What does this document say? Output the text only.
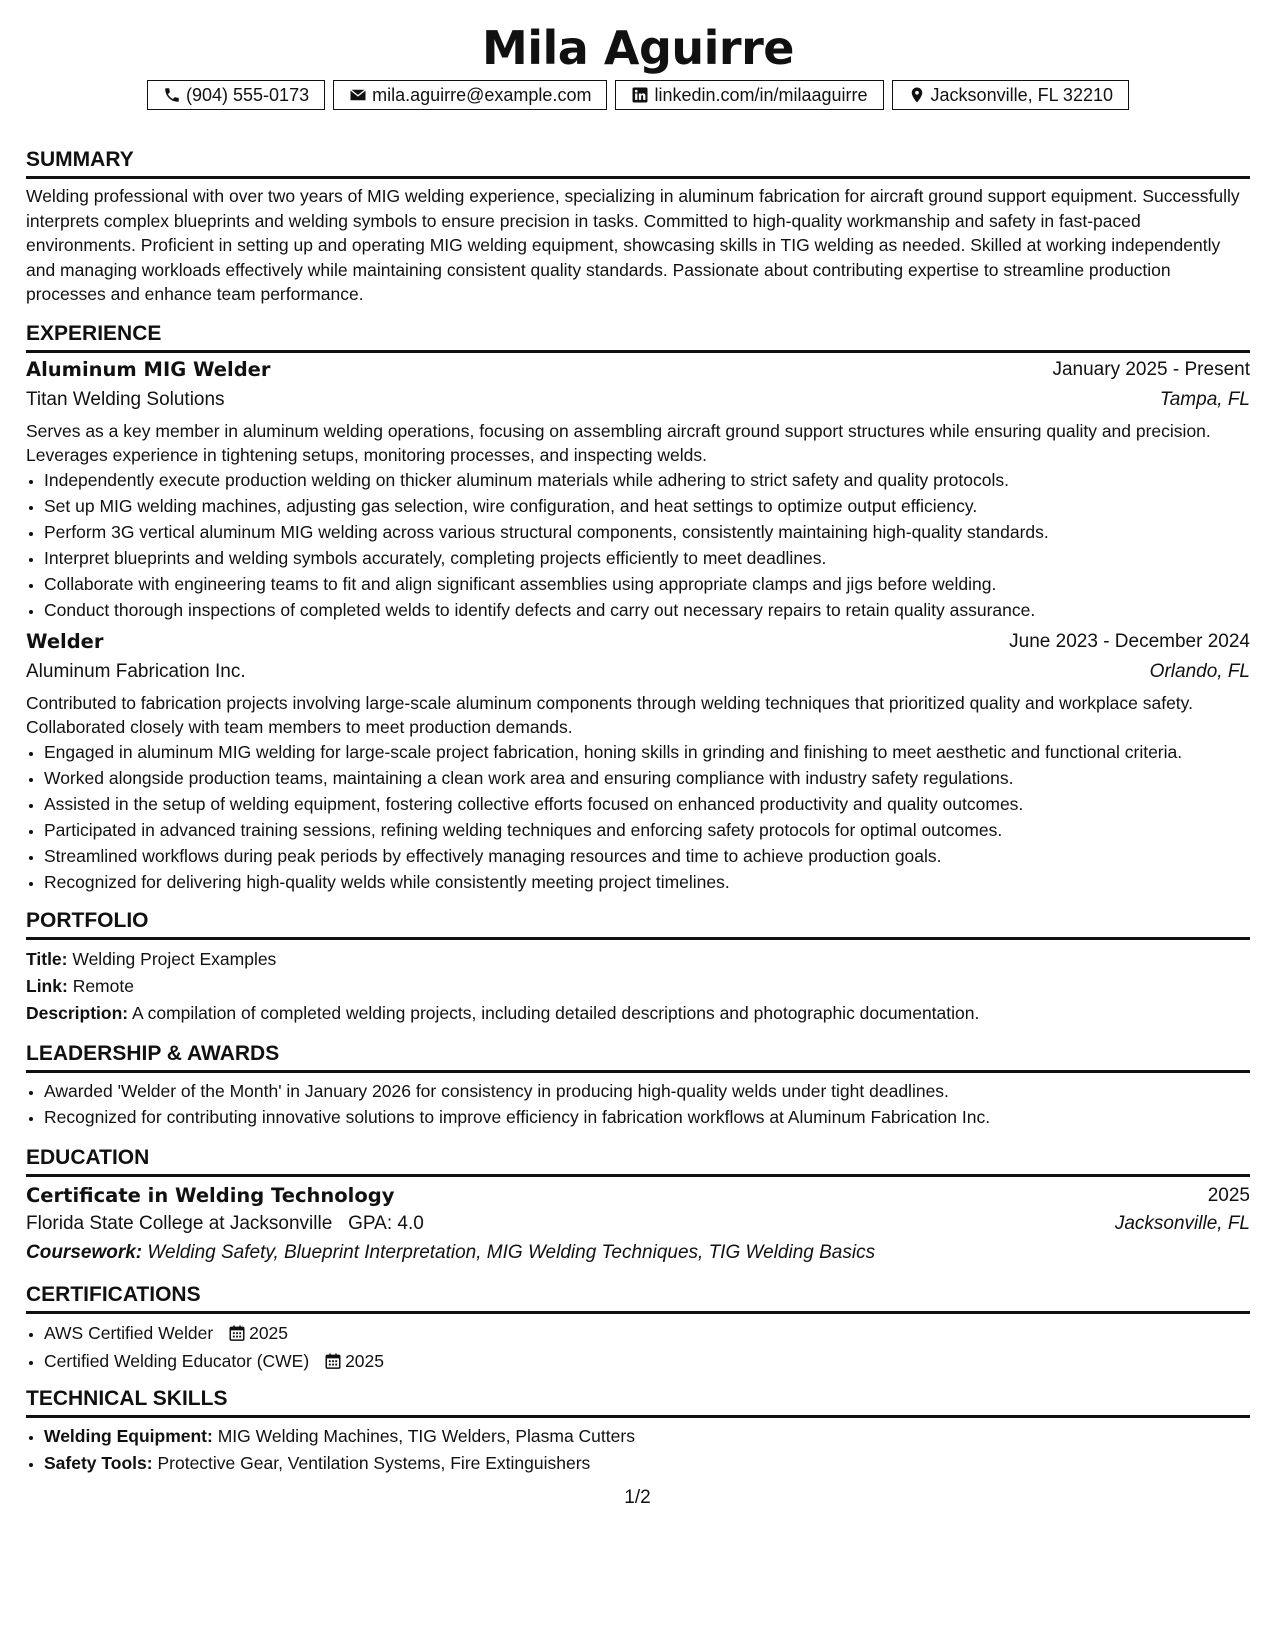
Mila Aguirre
(904) 555-0173	mila.aguirre@example.com	linkedin.com/in/milaaguirre	Jacksonville, FL 32210
SUMMARY

Welding professional with over two years of MIG welding experience, specializing in aluminum fabrication for aircraft ground support equipment. Successfully interprets complex blueprints and welding symbols to ensure precision in tasks. Committed to high-quality workmanship and safety in fast-paced environments. Proficient in setting up and operating MIG welding equipment, showcasing skills in TIG welding as needed. Skilled at working independently and managing workloads effectively while maintaining consistent quality standards. Passionate about contributing expertise to streamline production processes and enhance team performance.

EXPERIENCE
Aluminum MIG Welder	January 2025 - Present
Titan Welding Solutions	Tampa, FL

Serves as a key member in aluminum welding operations, focusing on assembling aircraft ground support structures while ensuring quality and precision. Leverages experience in tightening setups, monitoring processes, and inspecting welds.

• Independently execute production welding on thicker aluminum materials while adhering to strict safety and quality protocols.
• Set up MIG welding machines, adjusting gas selection, wire configuration, and heat settings to optimize output efficiency.
• Perform 3G vertical aluminum MIG welding across various structural components, consistently maintaining high-quality standards.
• Interpret blueprints and welding symbols accurately, completing projects efficiently to meet deadlines.
• Collaborate with engineering teams to fit and align significant assemblies using appropriate clamps and jigs before welding.
• Conduct thorough inspections of completed welds to identify defects and carry out necessary repairs to retain quality assurance.
Welder	June 2023 - December 2024
Aluminum Fabrication Inc.	Orlando, FL

Contributed to fabrication projects involving large-scale aluminum components through welding techniques that prioritized quality and workplace safety. Collaborated closely with team members to meet production demands.

• Engaged in aluminum MIG welding for large-scale project fabrication, honing skills in grinding and finishing to meet aesthetic and functional criteria.
• Worked alongside production teams, maintaining a clean work area and ensuring compliance with industry safety regulations.
• Assisted in the setup of welding equipment, fostering collective efforts focused on enhanced productivity and quality outcomes.
• Participated in advanced training sessions, refining welding techniques and enforcing safety protocols for optimal outcomes.
• Streamlined workflows during peak periods by effectively managing resources and time to achieve production goals.
• Recognized for delivering high-quality welds while consistently meeting project timelines.
PORTFOLIO
Title: Welding Project Examples
Link: Remote
Description: A compilation of completed welding projects, including detailed descriptions and photographic documentation.
LEADERSHIP & AWARDS
• Awarded 'Welder of the Month' in January 2026 for consistency in producing high-quality welds under tight deadlines.
• Recognized for contributing innovative solutions to improve efficiency in fabrication workflows at Aluminum Fabrication Inc.
EDUCATION
Certificate in Welding Technology	2025
Florida State College at Jacksonville GPA: 4.0	Jacksonville, FL
Coursework: Welding Safety, Blueprint Interpretation, MIG Welding Techniques, TIG Welding Basics
CERTIFICATIONS
• AWS Certified Welder 2025
• Certified Welding Educator (CWE) 2025
TECHNICAL SKILLS
• Welding Equipment: MIG Welding Machines, TIG Welders, Plasma Cutters
• Safety Tools: Protective Gear, Ventilation Systems, Fire Extinguishers
1/2
